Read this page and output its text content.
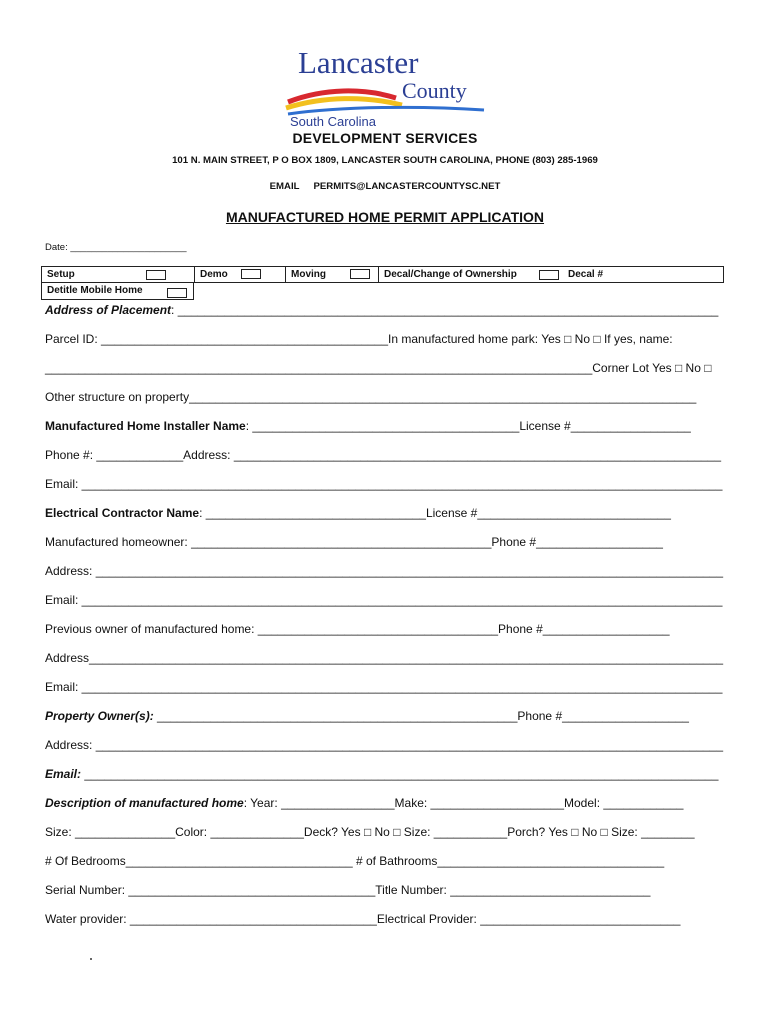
Lancaster
County
South Carolina
DEVELOPMENT SERVICES
101 N. MAIN STREET, P O BOX 1809, LANCASTER SOUTH CAROLINA, PHONE (803) 285-1969
EMAIL PERMITS@LANCASTERCOUNTYSC.NET
MANUFACTURED HOME PERMIT APPLICATION
Date: ______________________
Setup	Demo	Moving	Decal/Change of Ownership	Decal #
Detitle Mobile Home
Address of Placement: _________________________________________________________________________________
Parcel ID: ___________________________________________In manufactured home park: Yes □ No □ If yes, name:
__________________________________________________________________________________Corner Lot Yes □ No □
Other structure on property____________________________________________________________________________
Manufactured Home Installer Name: ________________________________________License #__________________
Phone #: _____________Address: _________________________________________________________________________
Email: ________________________________________________________________________________________________
Electrical Contractor Name: _________________________________License #_____________________________
Manufactured homeowner: _____________________________________________Phone #___________________
Address: ______________________________________________________________________________________________
Email: ________________________________________________________________________________________________
Previous owner of manufactured home: ____________________________________Phone #___________________
Address_______________________________________________________________________________________________
Email: ________________________________________________________________________________________________
Property Owner(s): ______________________________________________________Phone #___________________
Address: ______________________________________________________________________________________________
Email: _______________________________________________________________________________________________
Description of manufactured home: Year: _________________Make: ____________________Model: ____________
Size: _______________Color: ______________Deck? Yes □ No □ Size: ___________Porch? Yes □ No □ Size: ________
# Of Bedrooms__________________________________ # of Bathrooms__________________________________
Serial Number: _____________________________________Title Number: ______________________________
Water provider: _____________________________________Electrical Provider: ______________________________
